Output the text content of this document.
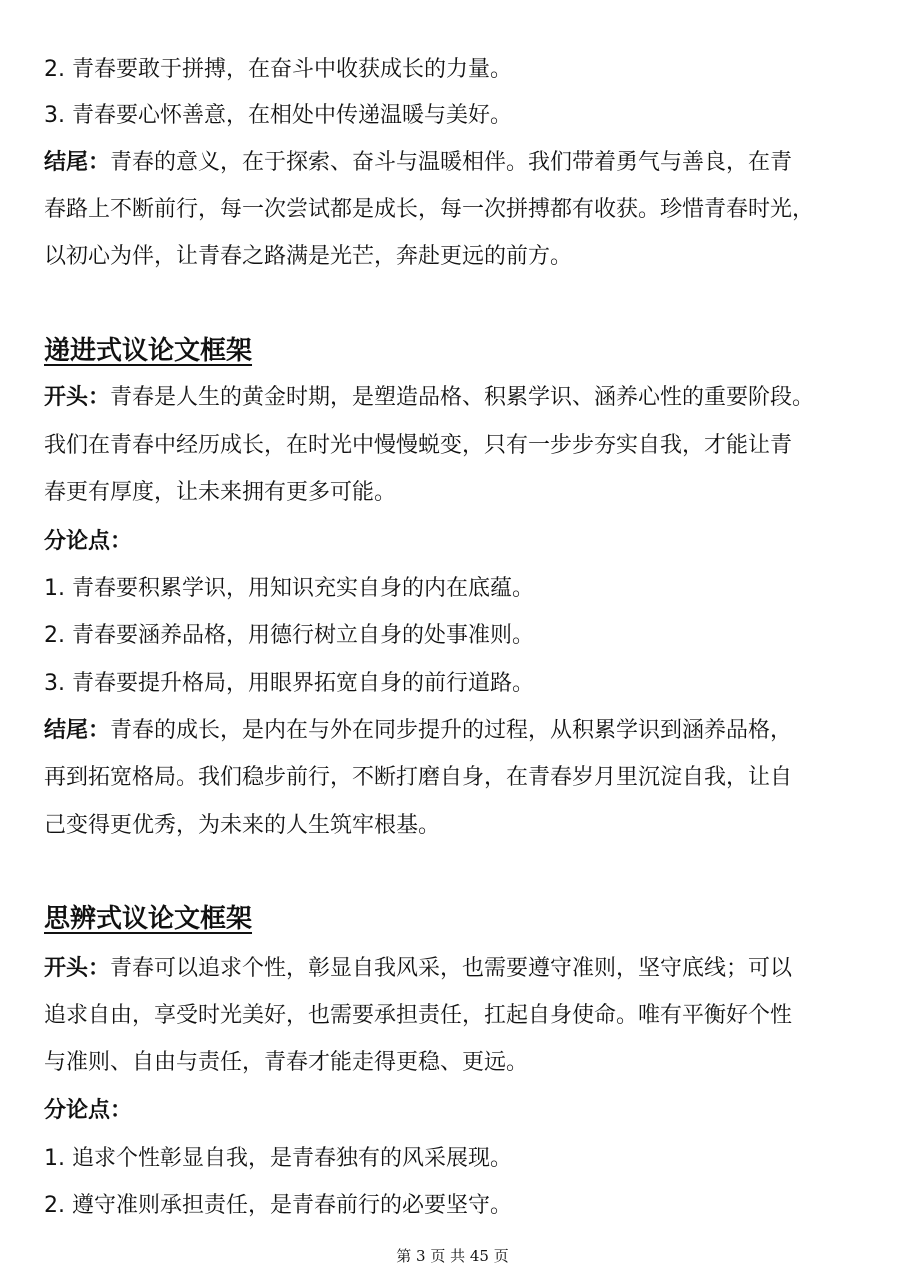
2. 青春要敢于拼搏，在奋斗中收获成长的力量。
3. 青春要心怀善意，在相处中传递温暖与美好。
结尾：青春的意义，在于探索、奋斗与温暖相伴。我们带着勇气与善良，在青
春路上不断前行，每一次尝试都是成长，每一次拼搏都有收获。珍惜青春时光，
以初心为伴，让青春之路满是光芒，奔赴更远的前方。
递进式议论文框架
开头：青春是人生的黄金时期，是塑造品格、积累学识、涵养心性的重要阶段。
我们在青春中经历成长，在时光中慢慢蜕变，只有一步步夯实自我，才能让青
春更有厚度，让未来拥有更多可能。
分论点：
1. 青春要积累学识，用知识充实自身的内在底蕴。
2. 青春要涵养品格，用德行树立自身的处事准则。
3. 青春要提升格局，用眼界拓宽自身的前行道路。
结尾：青春的成长，是内在与外在同步提升的过程，从积累学识到涵养品格，
再到拓宽格局。我们稳步前行，不断打磨自身，在青春岁月里沉淀自我，让自
己变得更优秀，为未来的人生筑牢根基。
思辨式议论文框架
开头：青春可以追求个性，彰显自我风采，也需要遵守准则，坚守底线；可以
追求自由，享受时光美好，也需要承担责任，扛起自身使命。唯有平衡好个性
与准则、自由与责任，青春才能走得更稳、更远。
分论点：
1. 追求个性彰显自我，是青春独有的风采展现。
2. 遵守准则承担责任，是青春前行的必要坚守。
第 3 页 共 45 页
